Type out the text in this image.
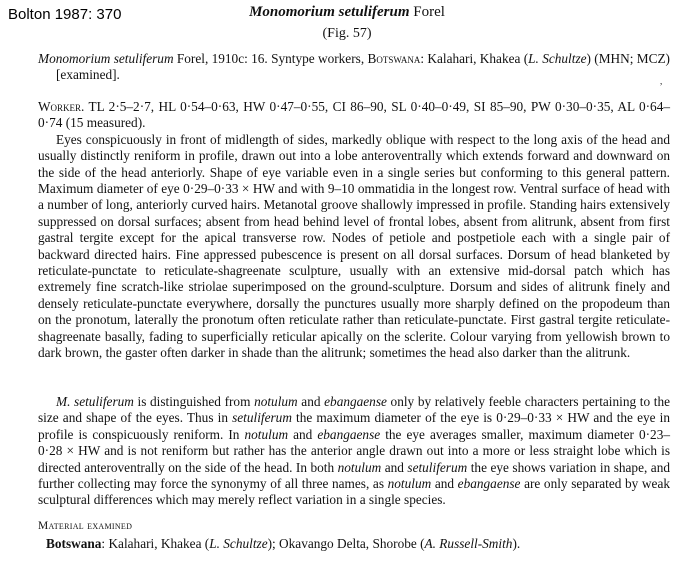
Bolton 1987: 370	Monomorium setuliferum Forel
(Fig. 57)
Monomorium setuliferum Forel, 1910c: 16. Syntype workers, Botswana: Kalahari, Khakea (L. Schultze) (MHN; MCZ) [examined].	,

Worker. TL 2·5–2·7, HL 0·54–0·63, HW 0·47–0·55, CI 86–90, SL 0·40–0·49, SI 85–90, PW 0·30–0·35, AL 0·64–0·74 (15 measured).

Eyes conspicuously in front of midlength of sides, markedly oblique with respect to the long axis of the head and usually distinctly reniform in profile, drawn out into a lobe anteroventrally which extends forward and downward on the side of the head anteriorly. Shape of eye variable even in a single series but conforming to this general pattern. Maximum diameter of eye 0·29–0·33 × HW and with 9–10 ommatidia in the longest row. Ventral surface of head with a number of long, anteriorly curved hairs. Metanotal groove shallowly impressed in profile. Standing hairs extensively suppressed on dorsal surfaces; absent from head behind level of frontal lobes, absent from alitrunk, absent from first gastral tergite except for the apical transverse row. Nodes of petiole and postpetiole each with a single pair of backward directed hairs. Fine appressed pubescence is present on all dorsal surfaces. Dorsum of head blanketed by reticulate-punctate to reticulate-shagreenate sculpture, usually with an extensive mid-dorsal patch which has extremely fine scratch-like striolae superimposed on the ground-sculpture. Dorsum and sides of alitrunk finely and densely reticulate-punctate everywhere, dorsally the punctures usually more sharply defined on the propodeum than on the pronotum, laterally the pronotum often reticulate rather than reticulate-punctate. First gastral tergite reticulate-shagreenate basally, fading to superficially reticular apically on the sclerite. Colour varying from yellowish brown to dark brown, the gaster often darker in shade than the alitrunk; sometimes the head also darker than the alitrunk.

M. setuliferum is distinguished from notulum and ebangaense only by relatively feeble characters pertaining to the size and shape of the eyes. Thus in setuliferum the maximum diameter of the eye is 0·29–0·33 × HW and the eye in profile is conspicuously reniform. In notulum and ebangaense the eye averages smaller, maximum diameter 0·23–0·28 × HW and is not reniform but rather has the anterior angle drawn out into a more or less straight lobe which is directed anteroventrally on the side of the head. In both notulum and setuliferum the eye shows variation in shape, and further collecting may force the synonymy of all three names, as notulum and ebangaense are only separated by weak sculptural differences which may merely reflect variation in a single species.
Material examined
Botswana: Kalahari, Khakea (L. Schultze); Okavango Delta, Shorobe (A. Russell-Smith).
